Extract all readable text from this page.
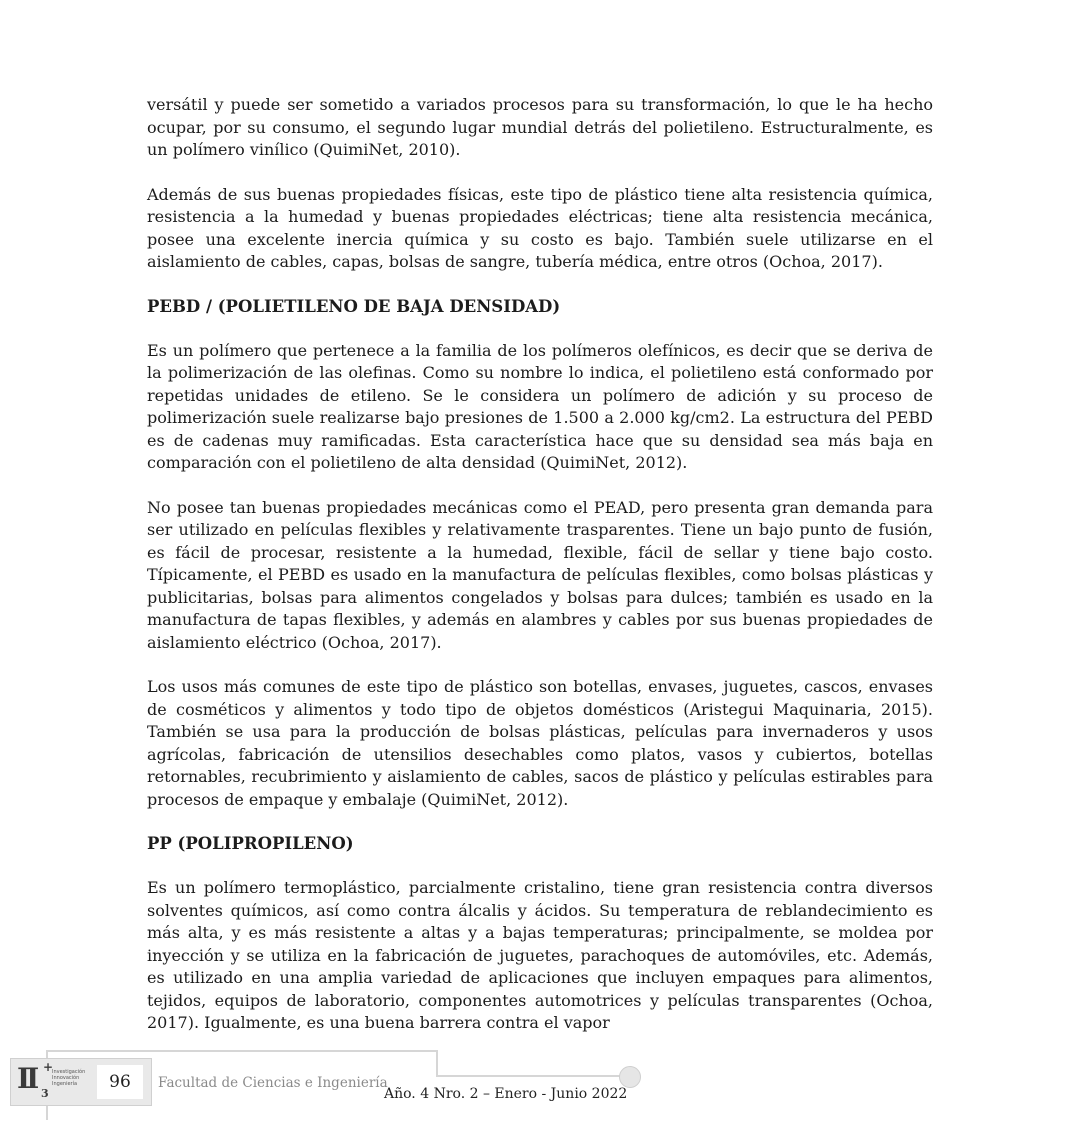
versátil y puede ser sometido a variados procesos para su transformación, lo que le ha hecho ocupar, por su consumo, el segundo lugar mundial detrás del polietileno. Estructuralmente, es un polímero vinílico (QuimiNet, 2010).

Además de sus buenas propiedades físicas, este tipo de plástico tiene alta resistencia química, resistencia a la humedad y buenas propiedades eléctricas; tiene alta resistencia mecánica, posee una excelente inercia química y su costo es bajo. También suele utilizarse en el aislamiento de cables, capas, bolsas de sangre, tubería médica, entre otros (Ochoa, 2017).

PEBD / (POLIETILENO DE BAJA DENSIDAD)

Es un polímero que pertenece a la familia de los polímeros olefínicos, es decir que se deriva de la polimerización de las olefinas. Como su nombre lo indica, el polietileno está conformado por repetidas unidades de etileno. Se le considera un polímero de adición y su proceso de polimerización suele realizarse bajo presiones de 1.500 a 2.000 kg/cm2. La estructura del PEBD es de cadenas muy ramificadas. Esta característica hace que su densidad sea más baja en comparación con el polietileno de alta densidad (QuimiNet, 2012).

No posee tan buenas propiedades mecánicas como el PEAD, pero presenta gran demanda para ser utilizado en películas flexibles y relativamente trasparentes. Tiene un bajo punto de fusión, es fácil de procesar, resistente a la humedad, flexible, fácil de sellar y tiene bajo costo. Típicamente, el PEBD es usado en la manufactura de películas flexibles, como bolsas plásticas y publicitarias, bolsas para alimentos congelados y bolsas para dulces; también es usado en la manufactura de tapas flexibles, y además en alambres y cables por sus buenas propiedades de aislamiento eléctrico (Ochoa, 2017).

Los usos más comunes de este tipo de plástico son botellas, envases, juguetes, cascos, envases de cosméticos y alimentos y todo tipo de objetos domésticos (Aristegui Maquinaria, 2015). También se usa para la producción de bolsas plásticas, películas para invernaderos y usos agrícolas, fabricación de utensilios desechables como platos, vasos y cubiertos, botellas retornables, recubrimiento y aislamiento de cables, sacos de plástico y películas estirables para procesos de empaque y embalaje (QuimiNet, 2012).

PP (POLIPROPILENO)

Es un polímero termoplástico, parcialmente cristalino, tiene gran resistencia contra diversos solventes químicos, así como contra álcalis y ácidos. Su temperatura de reblandecimiento es más alta, y es más resistente a altas y a bajas temperaturas; principalmente, se moldea por inyección y se utiliza en la fabricación de juguetes, parachoques de automóviles, etc. Además, es utilizado en una amplia variedad de aplicaciones que incluyen empaques para alimentos, tejidos, equipos de laboratorio, componentes automotrices y películas transparentes (Ochoa, 2017). Igualmente, es una buena barrera contra el vapor

II +
3
Investigación Innovación Ingeniería	96	Facultad de Ciencias e Ingeniería
Año. 4 Nro. 2 – Enero - Junio 2022
